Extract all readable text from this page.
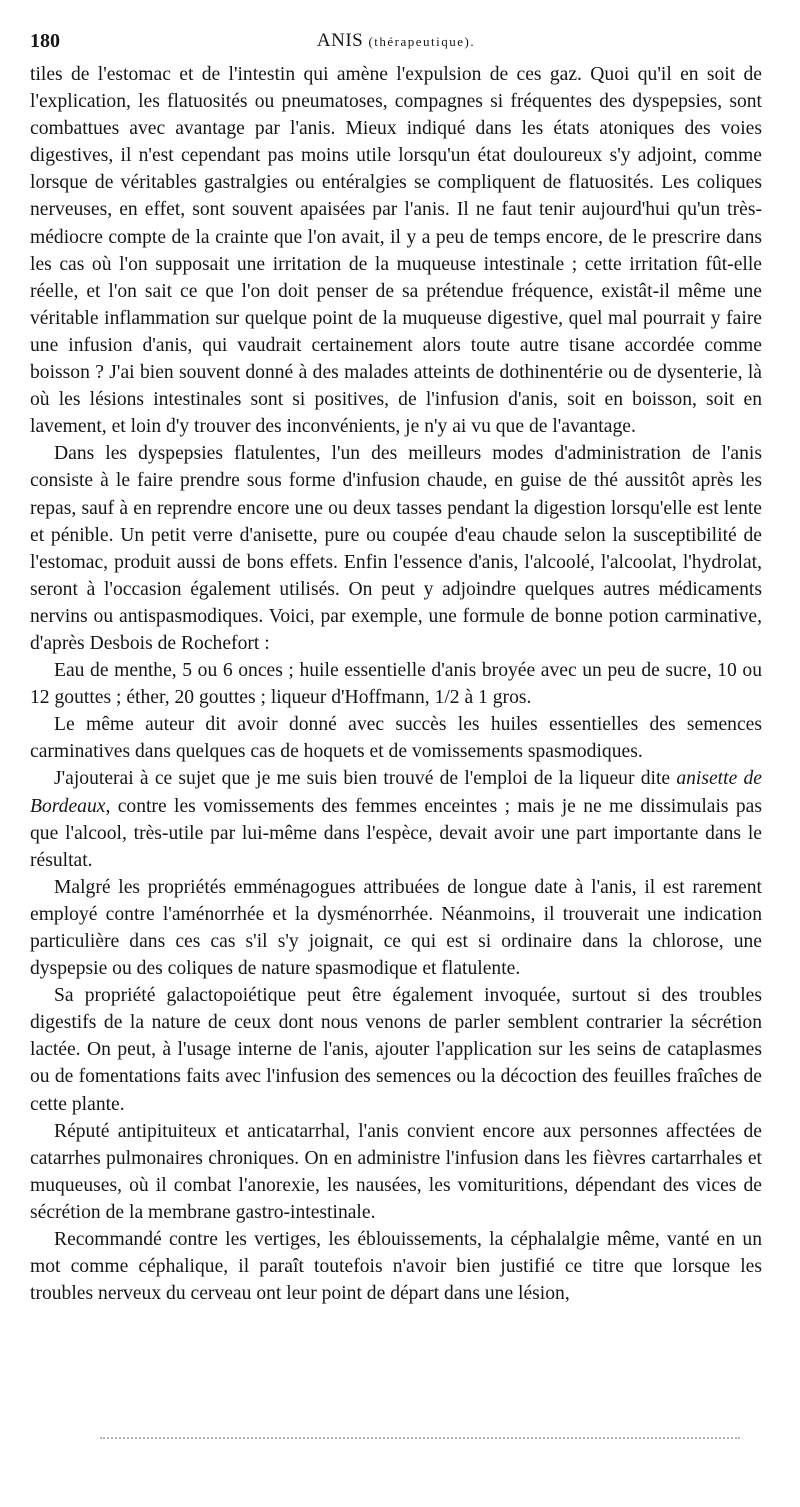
180	ANIS (thérapeutique).

tiles de l'estomac et de l'intestin qui amène l'expulsion de ces gaz. Quoi qu'il en soit de l'explication, les flatuosités ou pneumatoses, compagnes si fréquentes des dyspepsies, sont combattues avec avantage par l'anis. Mieux indiqué dans les états atoniques des voies digestives, il n'est cependant pas moins utile lorsqu'un état douloureux s'y adjoint, comme lorsque de véritables gastralgies ou entéralgies se compliquent de flatuosités. Les coliques nerveuses, en effet, sont souvent apaisées par l'anis. Il ne faut tenir aujourd'hui qu'un très-médiocre compte de la crainte que l'on avait, il y a peu de temps encore, de le prescrire dans les cas où l'on supposait une irritation de la muqueuse intestinale ; cette irritation fût-elle réelle, et l'on sait ce que l'on doit penser de sa prétendue fréquence, existât-il même une véritable inflammation sur quelque point de la muqueuse digestive, quel mal pourrait y faire une infusion d'anis, qui vaudrait certainement alors toute autre tisane accordée comme boisson ? J'ai bien souvent donné à des malades atteints de dothinentérie ou de dysenterie, là où les lésions intestinales sont si positives, de l'infusion d'anis, soit en boisson, soit en lavement, et loin d'y trouver des inconvénients, je n'y ai vu que de l'avantage.

Dans les dyspepsies flatulentes, l'un des meilleurs modes d'administration de l'anis consiste à le faire prendre sous forme d'infusion chaude, en guise de thé aussitôt après les repas, sauf à en reprendre encore une ou deux tasses pendant la digestion lorsqu'elle est lente et pénible. Un petit verre d'anisette, pure ou coupée d'eau chaude selon la susceptibilité de l'estomac, produit aussi de bons effets. Enfin l'essence d'anis, l'alcoolé, l'alcoolat, l'hydrolat, seront à l'occasion également utilisés. On peut y adjoindre quelques autres médicaments nervins ou antispasmodiques. Voici, par exemple, une formule de bonne potion carminative, d'après Desbois de Rochefort :

Eau de menthe, 5 ou 6 onces ; huile essentielle d'anis broyée avec un peu de sucre, 10 ou 12 gouttes ; éther, 20 gouttes ; liqueur d'Hoffmann, 1/2 à 1 gros.

Le même auteur dit avoir donné avec succès les huiles essentielles des semences carminatives dans quelques cas de hoquets et de vomissements spasmodiques.

J'ajouterai à ce sujet que je me suis bien trouvé de l'emploi de la liqueur dite anisette de Bordeaux, contre les vomissements des femmes enceintes ; mais je ne me dissimulais pas que l'alcool, très-utile par lui-même dans l'espèce, devait avoir une part importante dans le résultat.

Malgré les propriétés emménagogues attribuées de longue date à l'anis, il est rarement employé contre l'aménorrhée et la dysménorrhée. Néanmoins, il trouverait une indication particulière dans ces cas s'il s'y joignait, ce qui est si ordinaire dans la chlorose, une dyspepsie ou des coliques de nature spasmodique et flatulente.

Sa propriété galactopoiétique peut être également invoquée, surtout si des troubles digestifs de la nature de ceux dont nous venons de parler semblent contrarier la sécrétion lactée. On peut, à l'usage interne de l'anis, ajouter l'application sur les seins de cataplasmes ou de fomentations faits avec l'infusion des semences ou la décoction des feuilles fraîches de cette plante.

Réputé antipituiteux et anticatarrhal, l'anis convient encore aux personnes affectées de catarrhes pulmonaires chroniques. On en administre l'infusion dans les fièvres cartarrhales et muqueuses, où il combat l'anorexie, les nausées, les vomituritions, dépendant des vices de sécrétion de la membrane gastro-intestinale.

Recommandé contre les vertiges, les éblouissements, la céphalalgie même, vanté en un mot comme céphalique, il paraît toutefois n'avoir bien justifié ce titre que lorsque les troubles nerveux du cerveau ont leur point de départ dans une lésion,
